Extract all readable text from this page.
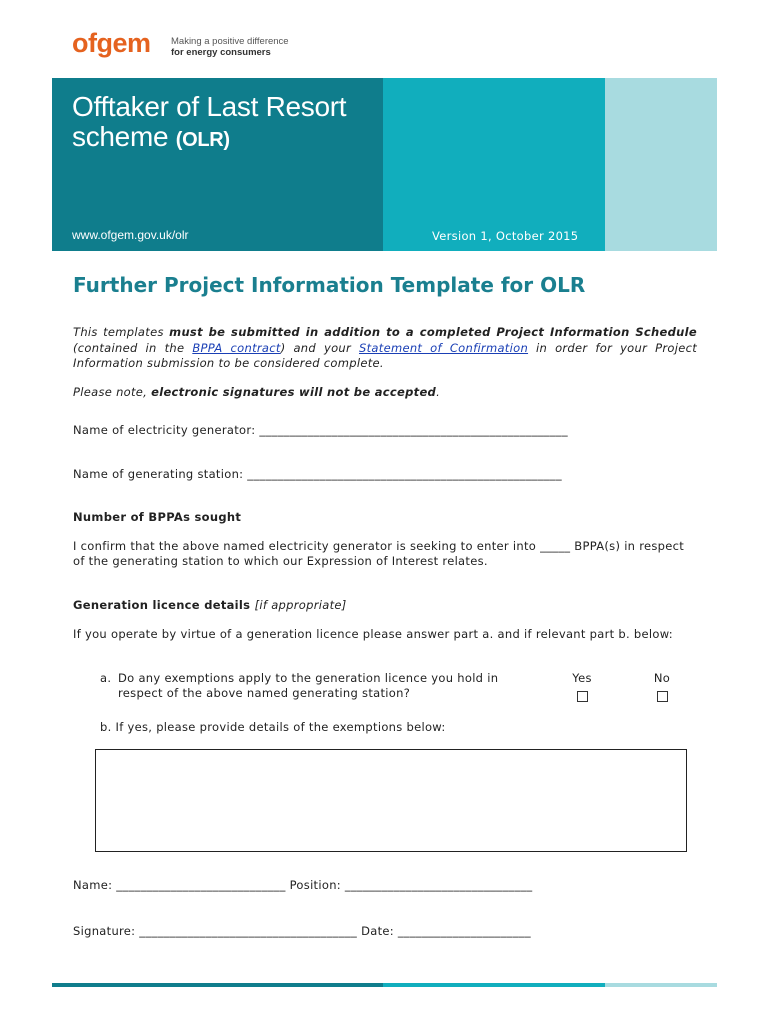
ofgem Making a positive difference
for energy consumers
Offtaker of Last Resort
scheme (OLR)
www.ofgem.gov.uk/olr	Version 1, October 2015
Further Project Information Template for OLR
This templates must be submitted in addition to a completed Project Information Schedule (contained in the BPPA contract) and your Statement of Confirmation in order for your Project Information submission to be considered complete.
Please note, electronic signatures will not be accepted.
Name of electricity generator: ___________________________________________________
Name of generating station: ____________________________________________________
Number of BPPAs sought
I confirm that the above named electricity generator is seeking to enter into _____ BPPA(s) in respect of the generating station to which our Expression of Interest relates.
Generation licence details [if appropriate]
If you operate by virtue of a generation licence please answer part a. and if relevant part b. below:
a. Do any exemptions apply to the generation licence you hold in respect of the above named generating station?
Yes	No
b. If yes, please provide details of the exemptions below:
Name: ____________________________ Position: _______________________________
Signature: ____________________________________ Date: ______________________
